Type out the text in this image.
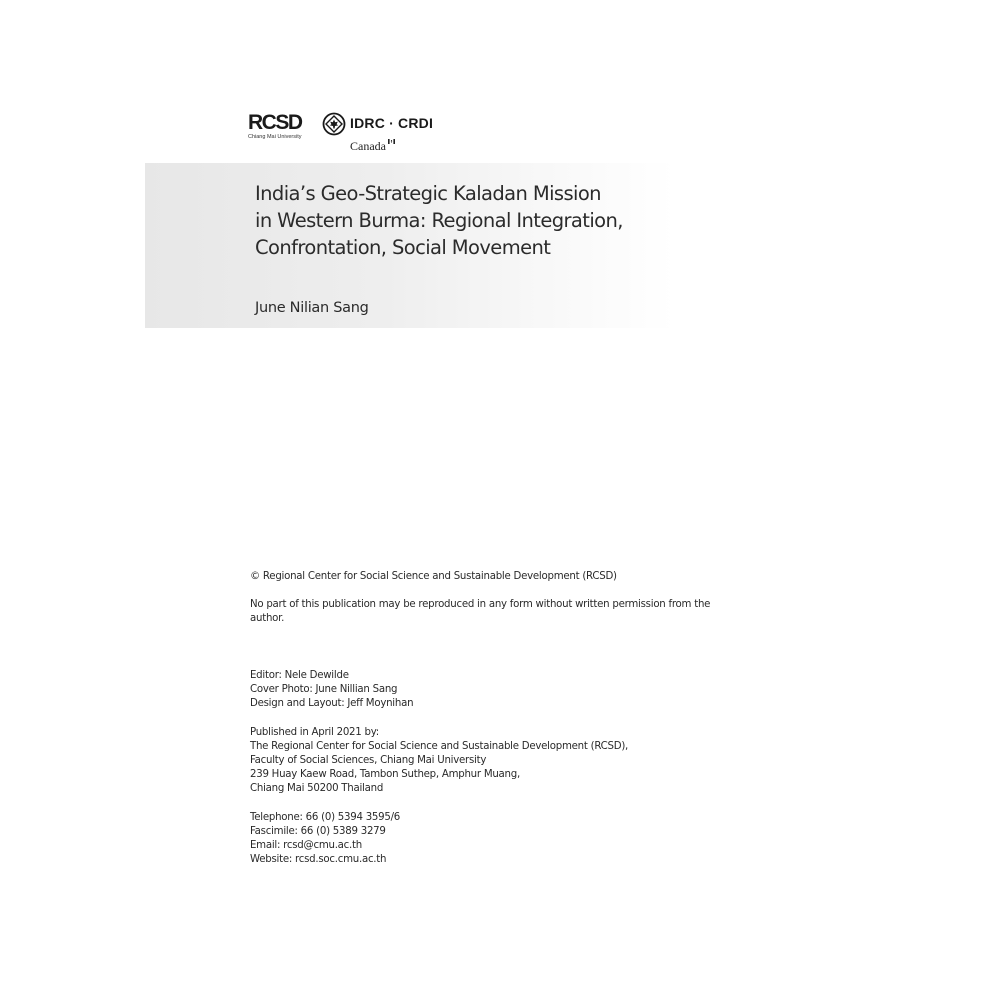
RCSD
Chiang Mai University
IDRC · CRDI
Canada
India’s Geo-Strategic Kaladan Mission
in Western Burma: Regional Integration,
Confrontation, Social Movement
June Nilian Sang
© Regional Center for Social Science and Sustainable Development (RCSD)
No part of this publication may be reproduced in any form without written permission from the author.
Editor: Nele Dewilde
Cover Photo: June Nillian Sang
Design and Layout: Jeff Moynihan
Published in April 2021 by:
The Regional Center for Social Science and Sustainable Development (RCSD),
Faculty of Social Sciences, Chiang Mai University
239 Huay Kaew Road, Tambon Suthep, Amphur Muang,
Chiang Mai 50200 Thailand
Telephone: 66 (0) 5394 3595/6
Fascimile: 66 (0) 5389 3279
Email: rcsd@cmu.ac.th
Website: rcsd.soc.cmu.ac.th
